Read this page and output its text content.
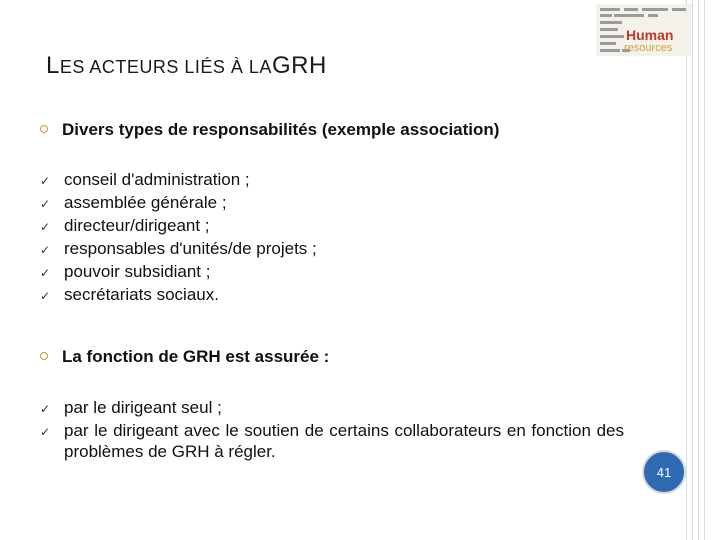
LES ACTEURS LIÉS À LAGRH
Human
resources
Divers types de responsabilités (exemple association)
✓ conseil d'administration ;
✓ assemblée générale ;
✓ directeur/dirigeant ;
✓ responsables d'unités/de projets ;
✓ pouvoir subsidiant ;
✓ secrétariats sociaux.
La fonction de GRH est assurée :
✓ par le dirigeant seul ;
✓ par le dirigeant avec le soutien de certains collaborateurs en fonction des problèmes de GRH à régler.
41
